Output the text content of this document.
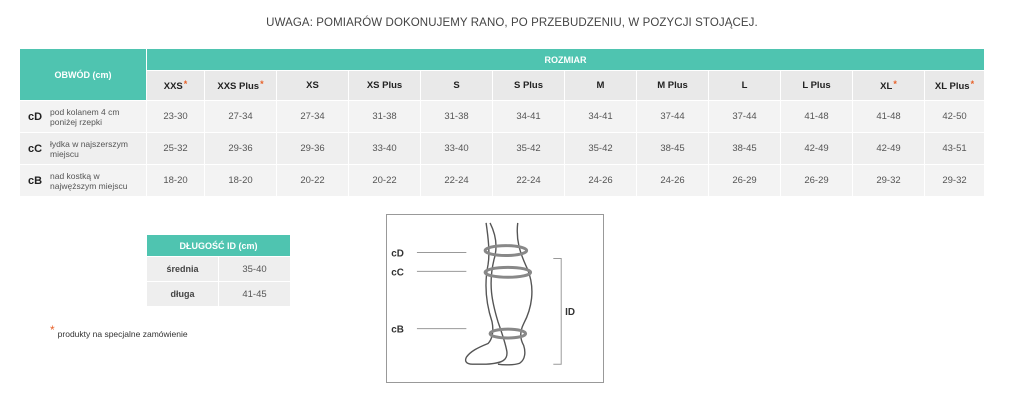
UWAGA: POMIARÓW DOKONUJEMY RANO, PO PRZEBUDZENIU, W POZYCJI STOJĄCEJ.
OBWÓD (cm)	ROZMIAR											
	XXS*	XXS Plus*	XS	XS Plus	S	S Plus	M	M Plus	L	L Plus	XL*	XL Plus*

cD pod kolanem 4 cm poniżej rzepki	23-30	27-34	27-34	31-38	31-38	34-41	34-41	37-44	37-44	41-48	41-48	42-50

cC łydka w najszerszym miejscu	25-32	29-36	29-36	33-40	33-40	35-42	35-42	38-45	38-45	42-49	42-49	43-51

cB nad kostką w najwęższym miejscu	18-20	18-20	20-22	20-22	22-24	22-24	24-26	24-26	26-29	26-29	29-32	29-32
DŁUGOŚĆ ID (cm)	
średnia	35-40
długa	41-45
* produkty na specjalne zamówienie
cD
cC
cB
ID
